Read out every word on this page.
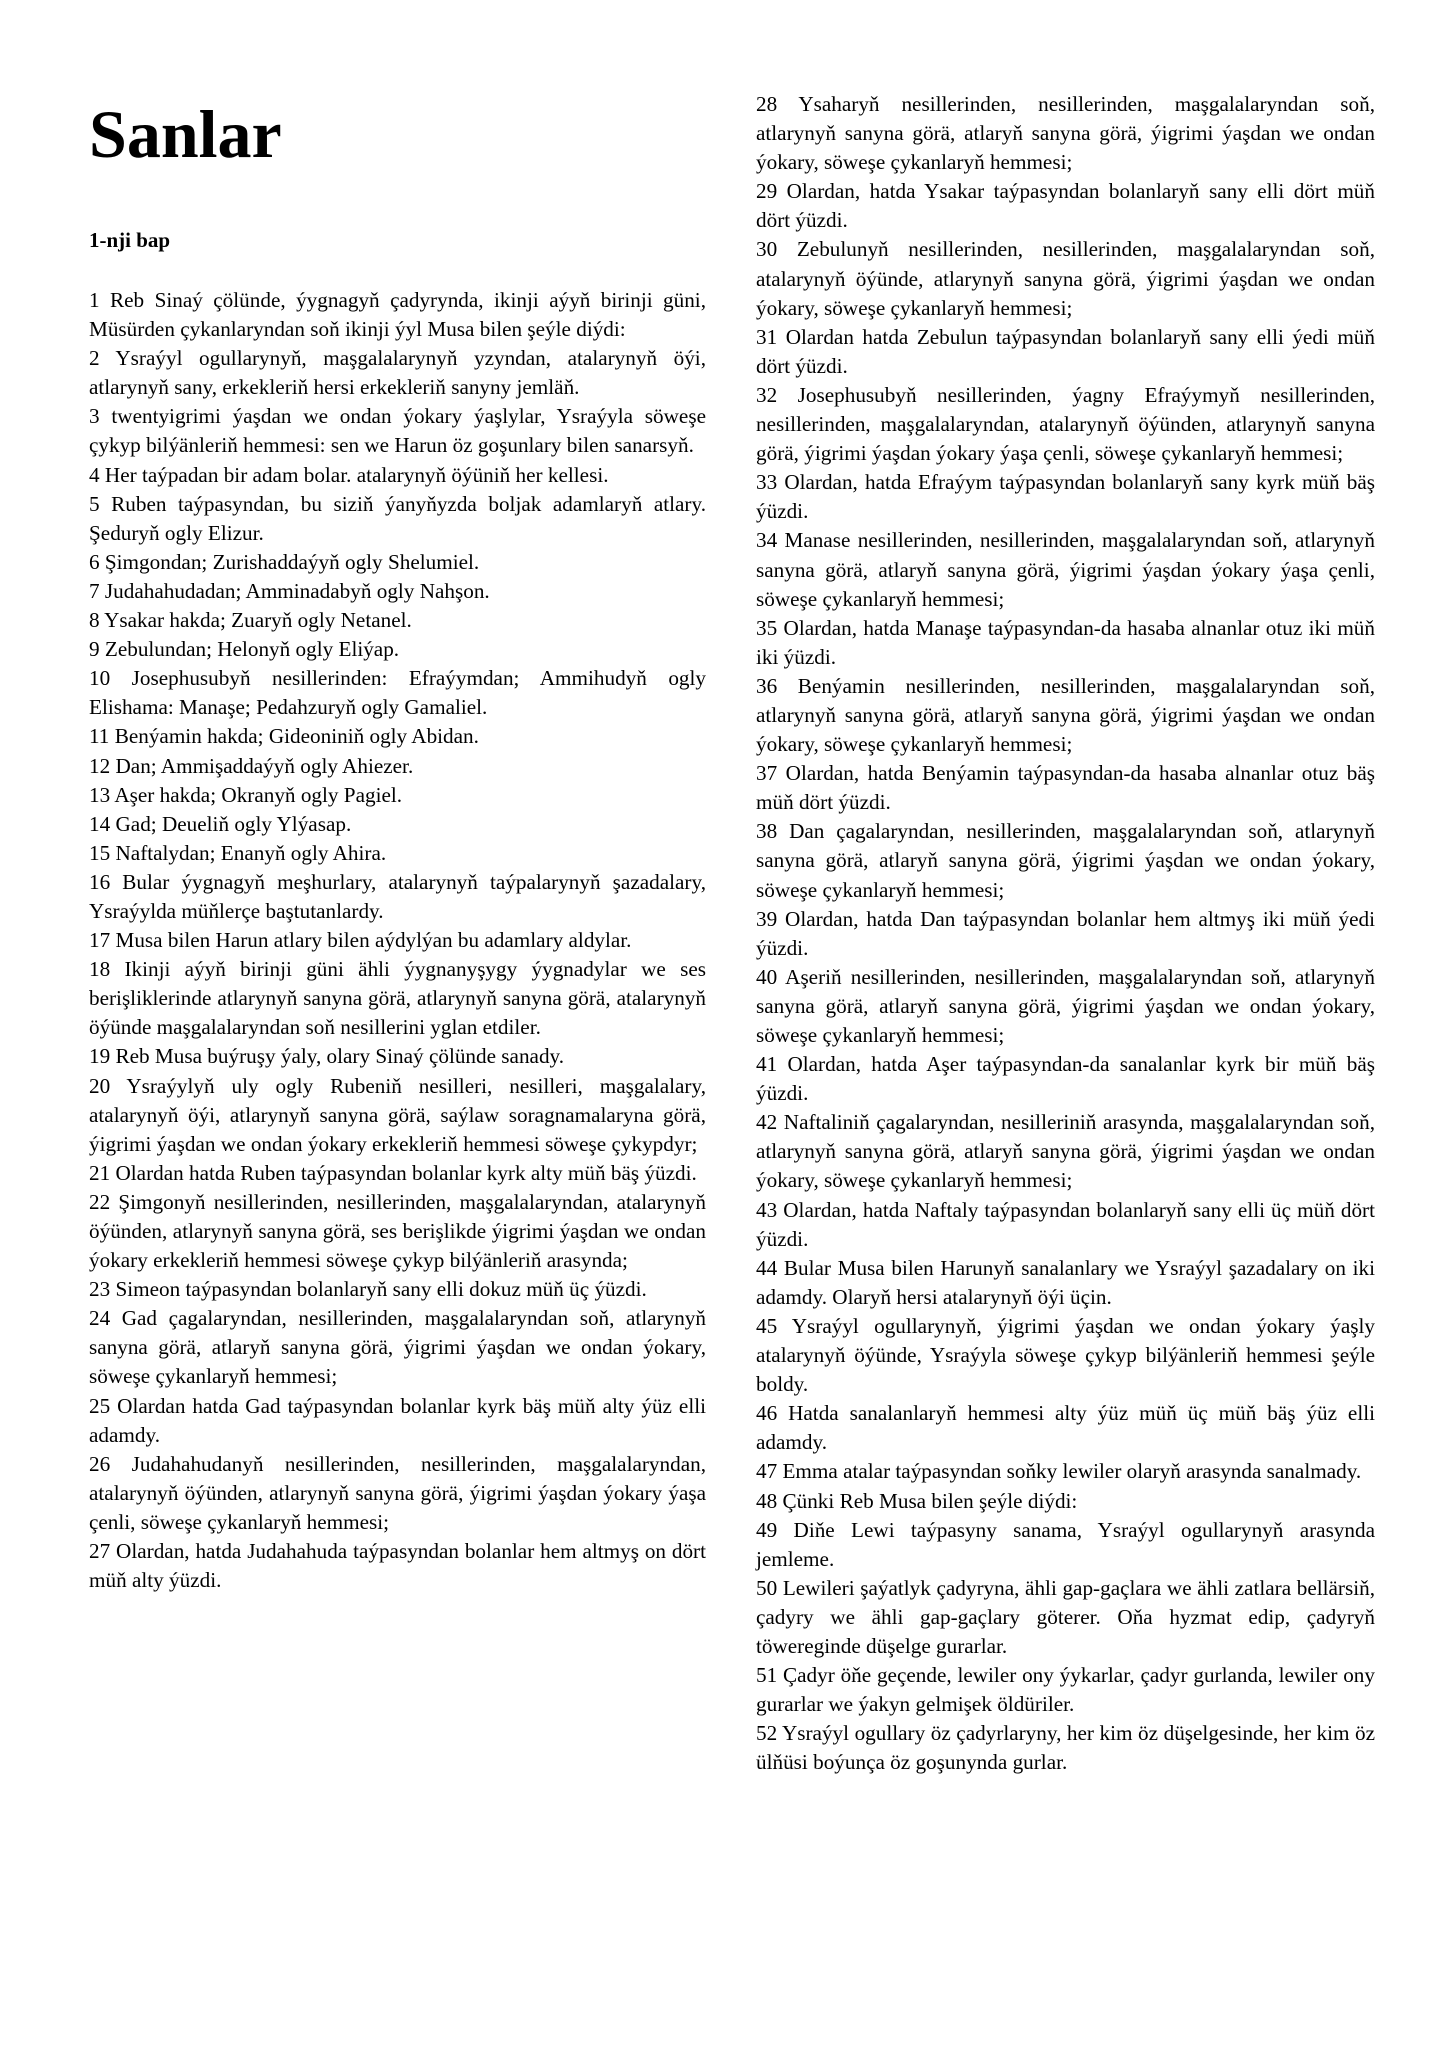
Sanlar
1-nji bap

1 Reb Sinaý çölünde, ýygnagyň çadyrynda, ikinji aýyň birinji güni, Müsürden çykanlaryndan soň ikinji ýyl Musa bilen şeýle diýdi:

2 Ysraýyl ogullarynyň, maşgalalarynyň yzyndan, atalarynyň öýi, atlarynyň sany, erkekleriň hersi erkekleriň sanyny jemläň.

3 twentyigrimi ýaşdan we ondan ýokary ýaşlylar, Ysraýyla söweşe çykyp bilýänleriň hemmesi: sen we Harun öz goşunlary bilen sanarsyň.

4 Her taýpadan bir adam bolar. atalarynyň öýüniň her kellesi.

5 Ruben taýpasyndan, bu siziň ýanyňyzda boljak adamlaryň atlary. Şeduryň ogly Elizur.

6 Şimgondan; Zurishaddaýyň ogly Shelumiel.

7 Judahahudadan; Amminadabyň ogly Nahşon.

8 Ysakar hakda; Zuaryň ogly Netanel.

9 Zebulundan; Helonyň ogly Eliýap.

10 Josephusubyň nesillerinden: Efraýymdan; Ammihudyň ogly Elishama: Manaşe; Pedahzuryň ogly Gamaliel.

11 Benýamin hakda; Gideoniniň ogly Abidan.

12 Dan; Ammişaddaýyň ogly Ahiezer.

13 Aşer hakda; Okranyň ogly Pagiel.

14 Gad; Deueliň ogly Ylýasap.

15 Naftalydan; Enanyň ogly Ahira.

16 Bular ýygnagyň meşhurlary, atalarynyň taýpalarynyň şazadalary, Ysraýylda müňlerçe baştutanlardy.

17 Musa bilen Harun atlary bilen aýdylýan bu adamlary aldylar.

18 Ikinji aýyň birinji güni ähli ýygnanyşygy ýygnadylar we ses berişliklerinde atlarynyň sanyna görä, atlarynyň sanyna görä, atalarynyň öýünde maşgalalaryndan soň nesillerini yglan etdiler.

19 Reb Musa buýruşy ýaly, olary Sinaý çölünde sanady.

20 Ysraýylyň uly ogly Rubeniň nesilleri, nesilleri, maşgalalary, atalarynyň öýi, atlarynyň sanyna görä, saýlaw soragnamalaryna görä, ýigrimi ýaşdan we ondan ýokary erkekleriň hemmesi söweşe çykypdyr;

21 Olardan hatda Ruben taýpasyndan bolanlar kyrk alty müň bäş ýüzdi.

22 Şimgonyň nesillerinden, nesillerinden, maşgalalaryndan, atalarynyň öýünden, atlarynyň sanyna görä, ses berişlikde ýigrimi ýaşdan we ondan ýokary erkekleriň hemmesi söweşe çykyp bilýänleriň arasynda;

23 Simeon taýpasyndan bolanlaryň sany elli dokuz müň üç ýüzdi.

24 Gad çagalaryndan, nesillerinden, maşgalalaryndan soň, atlarynyň sanyna görä, atlaryň sanyna görä, ýigrimi ýaşdan we ondan ýokary, söweşe çykanlaryň hemmesi;

25 Olardan hatda Gad taýpasyndan bolanlar kyrk bäş müň alty ýüz elli adamdy.

26 Judahahudanyň nesillerinden, nesillerinden, maşgalalaryndan, atalarynyň öýünden, atlarynyň sanyna görä, ýigrimi ýaşdan ýokary ýaşa çenli, söweşe çykanlaryň hemmesi;

27 Olardan, hatda Judahahuda taýpasyndan bolanlar hem altmyş on dört müň alty ýüzdi.

28 Ysaharyň nesillerinden, nesillerinden, maşgalalaryndan soň, atlarynyň sanyna görä, atlaryň sanyna görä, ýigrimi ýaşdan we ondan ýokary, söweşe çykanlaryň hemmesi;

29 Olardan, hatda Ysakar taýpasyndan bolanlaryň sany elli dört müň dört ýüzdi.

30 Zebulunyň nesillerinden, nesillerinden, maşgalalaryndan soň, atalarynyň öýünde, atlarynyň sanyna görä, ýigrimi ýaşdan we ondan ýokary, söweşe çykanlaryň hemmesi;

31 Olardan hatda Zebulun taýpasyndan bolanlaryň sany elli ýedi müň dört ýüzdi.

32 Josephusubyň nesillerinden, ýagny Efraýymyň nesillerinden, nesillerinden, maşgalalaryndan, atalarynyň öýünden, atlarynyň sanyna görä, ýigrimi ýaşdan ýokary ýaşa çenli, söweşe çykanlaryň hemmesi;

33 Olardan, hatda Efraýym taýpasyndan bolanlaryň sany kyrk müň bäş ýüzdi.

34 Manase nesillerinden, nesillerinden, maşgalalaryndan soň, atlarynyň sanyna görä, atlaryň sanyna görä, ýigrimi ýaşdan ýokary ýaşa çenli, söweşe çykanlaryň hemmesi;

35 Olardan, hatda Manaşe taýpasyndan-da hasaba alnanlar otuz iki müň iki ýüzdi.

36 Benýamin nesillerinden, nesillerinden, maşgalalaryndan soň, atlarynyň sanyna görä, atlaryň sanyna görä, ýigrimi ýaşdan we ondan ýokary, söweşe çykanlaryň hemmesi;

37 Olardan, hatda Benýamin taýpasyndan-da hasaba alnanlar otuz bäş müň dört ýüzdi.

38 Dan çagalaryndan, nesillerinden, maşgalalaryndan soň, atlarynyň sanyna görä, atlaryň sanyna görä, ýigrimi ýaşdan we ondan ýokary, söweşe çykanlaryň hemmesi;

39 Olardan, hatda Dan taýpasyndan bolanlar hem altmyş iki müň ýedi ýüzdi.

40 Aşeriň nesillerinden, nesillerinden, maşgalalaryndan soň, atlarynyň sanyna görä, atlaryň sanyna görä, ýigrimi ýaşdan we ondan ýokary, söweşe çykanlaryň hemmesi;

41 Olardan, hatda Aşer taýpasyndan-da sanalanlar kyrk bir müň bäş ýüzdi.

42 Naftaliniň çagalaryndan, nesilleriniň arasynda, maşgalalaryndan soň, atlarynyň sanyna görä, atlaryň sanyna görä, ýigrimi ýaşdan we ondan ýokary, söweşe çykanlaryň hemmesi;

43 Olardan, hatda Naftaly taýpasyndan bolanlaryň sany elli üç müň dört ýüzdi.

44 Bular Musa bilen Harunyň sanalanlary we Ysraýyl şazadalary on iki adamdy. Olaryň hersi atalarynyň öýi üçin.

45 Ysraýyl ogullarynyň, ýigrimi ýaşdan we ondan ýokary ýaşly atalarynyň öýünde, Ysraýyla söweşe çykyp bilýänleriň hemmesi şeýle boldy.

46 Hatda sanalanlaryň hemmesi alty ýüz müň üç müň bäş ýüz elli adamdy.

47 Emma atalar taýpasyndan soňky lewiler olaryň arasynda sanalmady.

48 Çünki Reb Musa bilen şeýle diýdi:

49 Diňe Lewi taýpasyny sanama, Ysraýyl ogullarynyň arasynda jemleme.

50 Lewileri şaýatlyk çadyryna, ähli gap-gaçlara we ähli zatlara bellärsiň, çadyry we ähli gap-gaçlary göterer. Oňa hyzmat edip, çadyryň töwereginde düşelge gurarlar.

51 Çadyr öňe geçende, lewiler ony ýykarlar, çadyr gurlanda, lewiler ony gurarlar we ýakyn gelmişek öldüriler.

52 Ysraýyl ogullary öz çadyrlaryny, her kim öz düşelgesinde, her kim öz ülňüsi boýunça öz goşunynda gurlar.
